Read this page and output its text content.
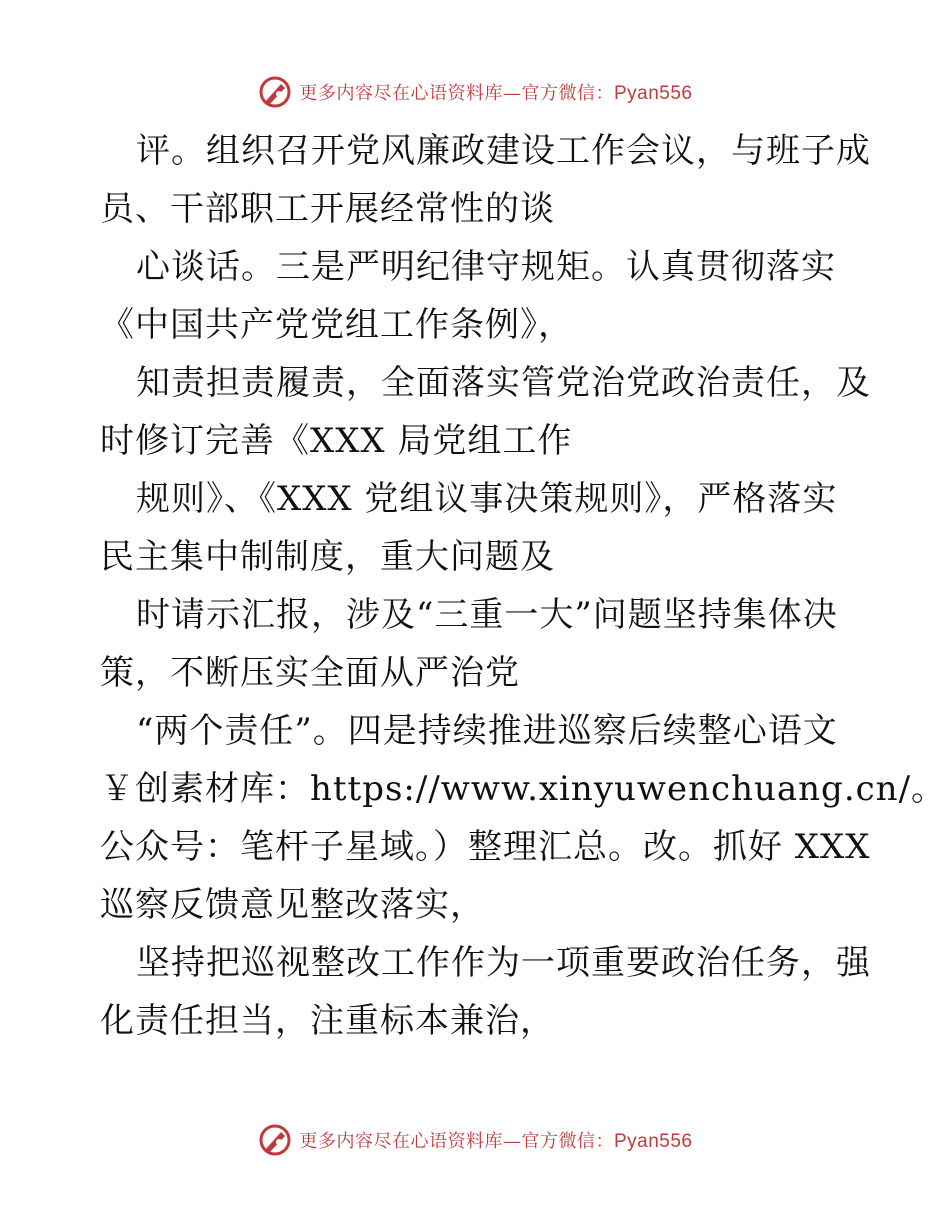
更多内容尽在心语资料库—官方微信：Pyan556
评。组织召开党风廉政建设工作会议，与班子成
员、干部职工开展经常性的谈
心谈话。三是严明纪律守规矩。认真贯彻落实
《中国共产党党组工作条例》，
知责担责履责，全面落实管党治党政治责任，及
时修订完善《XXX 局党组工作
规则》、《XXX 党组议事决策规则》，严格落实
民主集中制制度，重大问题及
时请示汇报，涉及“三重一大”问题坚持集体决
策，不断压实全面从严治党
“两个责任”。四是持续推进巡察后续整心语文
￥创素材库：https://www.xinyuwenchuang.cn/。
公众号：笔杆子星域。）整理汇总。改。抓好 XXX
巡察反馈意见整改落实，
坚持把巡视整改工作作为一项重要政治任务，强
化责任担当，注重标本兼治，
更多内容尽在心语资料库—官方微信：Pyan556
